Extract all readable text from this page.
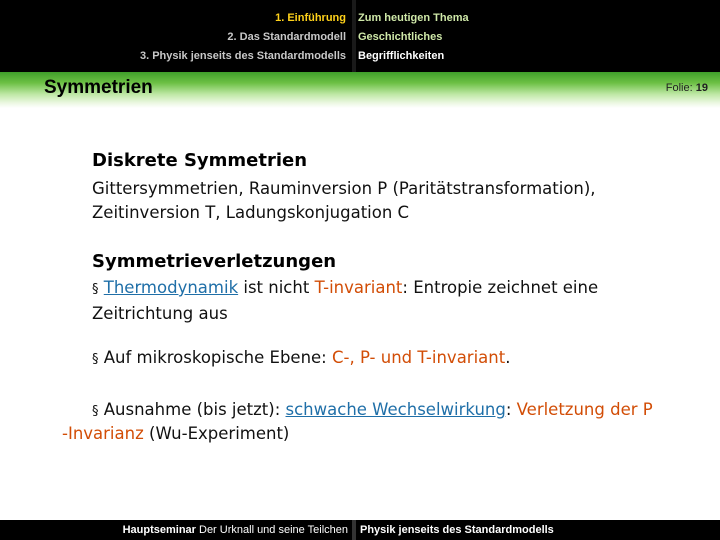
1. Einführung
2. Das Standardmodell
3. Physik jenseits des Standardmodells
Zum heutigen Thema
Geschichtliches
Begrifflichkeiten
Symmetrien	Folie: 19
Diskrete Symmetrien
Gittersymmetrien, Rauminversion P (Paritätstransformation),
Zeitinversion T, Ladungskonjugation C
Symmetrieverletzungen
§ Thermodynamik ist nicht T-invariant: Entropie zeichnet eine
Zeitrichtung aus
§ Auf mikroskopische Ebene: C-, P- und T-invariant.
§ Ausnahme (bis jetzt): schwache Wechselwirkung: Verletzung der P
-Invarianz (Wu-Experiment)
Hauptseminar Der Urknall und seine Teilchen	Physik jenseits des Standardmodells
